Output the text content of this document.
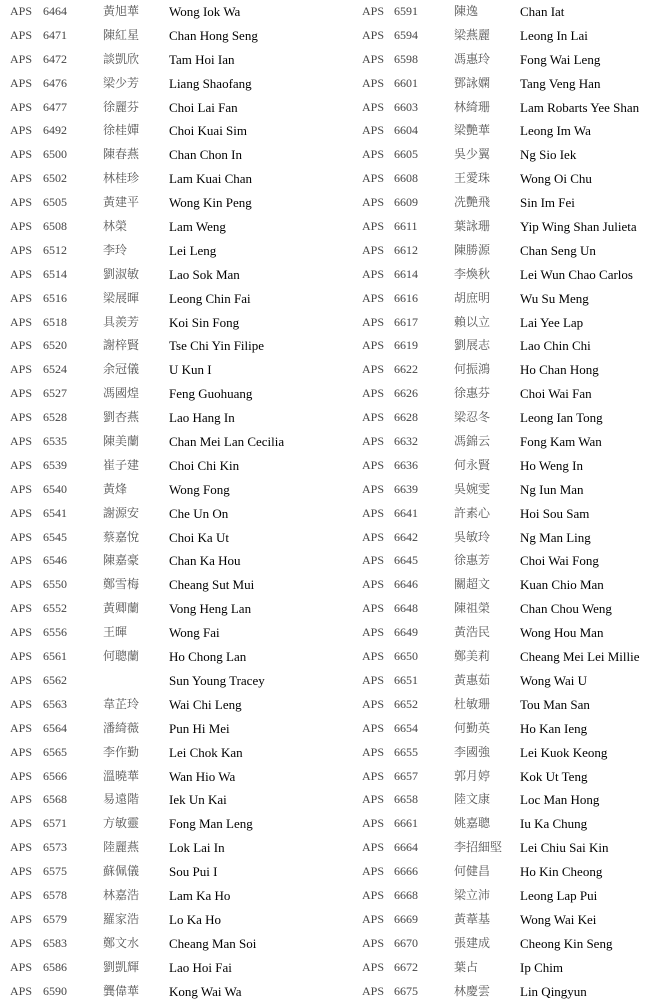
APS 6464	黃旭華 Wong Iok Wa
APS 6471	陳紅星 Chan Hong Seng
APS 6472	談凱欣 Tam Hoi Ian
APS 6476	梁少芳 Liang Shaofang
APS 6477	徐麗芬 Choi Lai Fan
APS 6492	徐桂嬋 Choi Kuai Sim
APS 6500	陳春燕 Chan Chon In
APS 6502	林桂珍 Lam Kuai Chan
APS 6505	黃建平 Wong Kin Peng
APS 6508	林榮	Lam Weng
APS 6512	李玲	Lei Leng
APS 6514	劉淑敏 Lao Sok Man
APS 6516	梁展暉 Leong Chin Fai
APS 6518	具羨芳 Koi Sin Fong
APS 6520	謝梓賢 Tse Chi Yin Filipe
APS 6524	余冠儀 U Kun I
APS 6527	馮國煌 Feng Guohuang
APS 6528	劉杏燕 Lao Hang In
APS 6535	陳美蘭 Chan Mei Lan Cecilia
APS 6539	崔子建 Choi Chi Kin
APS 6540	黃烽	Wong Fong
APS 6541	謝源安 Che Un On
APS 6545	蔡嘉悅 Choi Ka Ut
APS 6546	陳嘉豪 Chan Ka Hou
APS 6550	鄭雪梅 Cheang Sut Mui
APS 6552	黃卿蘭 Vong Heng Lan
APS 6556	王暉	Wong Fai
APS 6561	何聰蘭 Ho Chong Lan
APS 6562	Sun Young Tracey
APS 6563	韋芷玲 Wai Chi Leng
APS 6564	潘綺薇 Pun Hi Mei
APS 6565	李作勤 Lei Chok Kan
APS 6566	溫曉華 Wan Hio Wa
APS 6568	易遠階 Iek Un Kai
APS 6571	方敏靈 Fong Man Leng
APS 6573	陸麗燕 Lok Lai In
APS 6575	蘇佩儀 Sou Pui I
APS 6578	林嘉浩 Lam Ka Ho
APS 6579	羅家浩 Lo Ka Ho
APS 6583	鄭文水 Cheang Man Soi
APS 6586	劉凱輝 Lao Hoi Fai
APS 6590	龔偉華 Kong Wai Wa
APS 6591	陳逸	Chan Iat
APS 6594	梁燕麗 Leong In Lai
APS 6598	馮惠玲 Fong Wai Leng
APS 6601	鄧詠嫻 Tang Veng Han
APS 6603	林綺珊 Lam Robarts Yee Shan
APS 6604	梁艷華 Leong Im Wa
APS 6605	吳少翼 Ng Sio Iek
APS 6608	王愛珠 Wong Oi Chu
APS 6609	冼艷飛 Sin Im Fei
APS 6611	葉詠珊 Yip Wing Shan Julieta
APS 6612	陳勝源 Chan Seng Un
APS 6614	李煥秋 Lei Wun Chao Carlos
APS 6616	胡庶明 Wu Su Meng
APS 6617	賴以立 Lai Yee Lap
APS 6619	劉展志 Lao Chin Chi
APS 6622	何振鴻 Ho Chan Hong
APS 6626	徐惠芬 Choi Wai Fan
APS 6628	梁忍冬 Leong Ian Tong
APS 6632	馮錦云 Fong Kam Wan
APS 6636	何永賢 Ho Weng In
APS 6639	吳婉雯 Ng Iun Man
APS 6641	許素心 Hoi Sou Sam
APS 6642	吳敏玲 Ng Man Ling
APS 6645	徐惠芳 Choi Wai Fong
APS 6646	關超文 Kuan Chio Man
APS 6648	陳祖榮 Chan Chou Weng
APS 6649	黃浩民 Wong Hou Man
APS 6650	鄭美莉 Cheang Mei Lei Millie
APS 6651	黃惠茹 Wong Wai U
APS 6652	杜敏珊 Tou Man San
APS 6654	何勤英 Ho Kan Ieng
APS 6655	李國強 Lei Kuok Keong
APS 6657	郭月婷 Kok Ut Teng
APS 6658	陸文康 Loc Man Hong
APS 6661	姚嘉聰 Iu Ka Chung
APS 6664	李招細堅 Lei Chiu Sai Kin
APS 6666	何健昌 Ho Kin Cheong
APS 6668	梁立沛 Leong Lap Pui
APS 6669	黃葦基 Wong Wai Kei
APS 6670	張建成 Cheong Kin Seng
APS 6672	葉占	Ip Chim
APS 6675	林慶雲 Lin Qingyun
